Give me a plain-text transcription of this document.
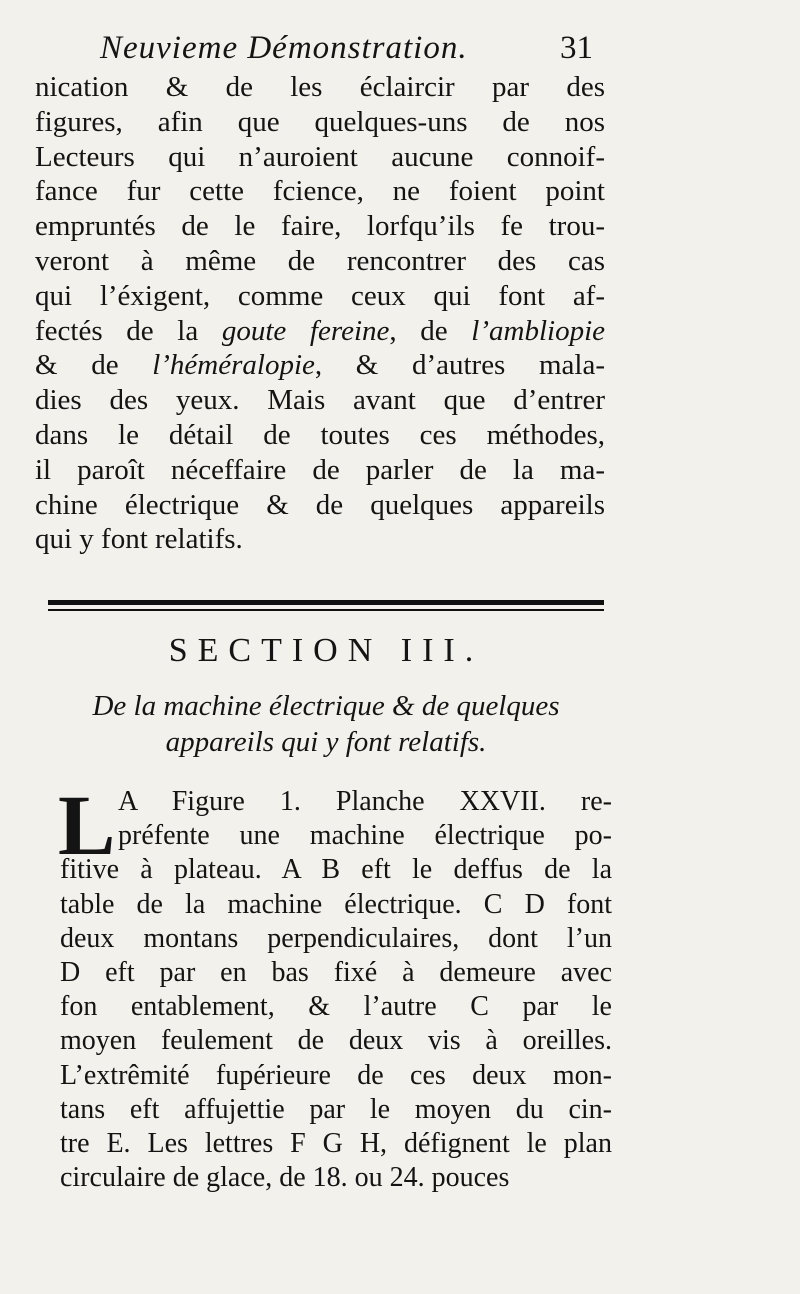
Neuvieme Démonstration.	31
nication & de les éclaircir par des
figures, afin que quelques-uns de nos
Lecteurs qui n’auroient aucune connoif-
fance fur cette fcience, ne foient point
empruntés de le faire, lorfqu’ils fe trou-
veront à même de rencontrer des cas
qui l’éxigent, comme ceux qui font af-
fectés de la goute fereine, de l’ambliopie
& de l’héméralopie, & d’autres mala-
dies des yeux. Mais avant que d’entrer
dans le détail de toutes ces méthodes,
il paroît néceffaire de parler de la ma-
chine électrique & de quelques appareils
qui y font relatifs.
SECTION III.
De la machine électrique & de quelques
appareils qui y font relatifs.
L A Figure 1. Planche XXVII. re-
préfente une machine électrique po-
fitive à plateau. A B eft le deffus de la
table de la machine électrique. C D font
deux montans perpendiculaires, dont l’un
D eft par en bas fixé à demeure avec
fon entablement, & l’autre C par le
moyen feulement de deux vis à oreilles.
L’extrêmité fupérieure de ces deux mon-
tans eft affujettie par le moyen du cin-
tre E. Les lettres F G H, défignent le plan
circulaire de glace, de 18. ou 24. pouces
